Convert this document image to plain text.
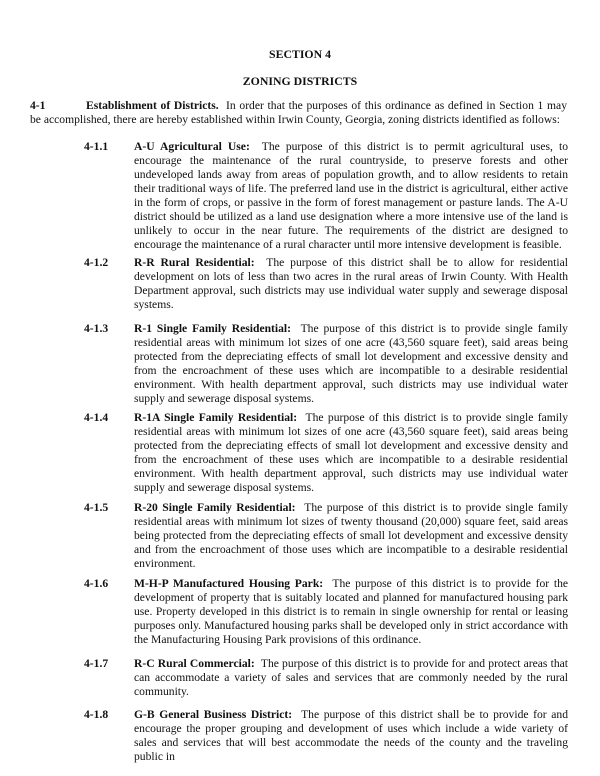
SECTION 4
ZONING DISTRICTS
4-1	Establishment of Districts. In order that the purposes of this ordinance as defined in Section 1 may be accomplished, there are hereby established within Irwin County, Georgia, zoning districts identified as follows:
4-1.1 A-U Agricultural Use: The purpose of this district is to permit agricultural uses, to encourage the maintenance of the rural countryside, to preserve forests and other undeveloped lands away from areas of population growth, and to allow residents to retain their traditional ways of life. The preferred land use in the district is agricultural, either active in the form of crops, or passive in the form of forest management or pasture lands. The A-U district should be utilized as a land use designation where a more intensive use of the land is unlikely to occur in the near future. The requirements of the district are designed to encourage the maintenance of a rural character until more intensive development is feasible.
4-1.2 R-R Rural Residential: The purpose of this district shall be to allow for residential development on lots of less than two acres in the rural areas of Irwin County. With Health Department approval, such districts may use individual water supply and sewerage disposal systems.
4-1.3 R-1 Single Family Residential: The purpose of this district is to provide single family residential areas with minimum lot sizes of one acre (43,560 square feet), said areas being protected from the depreciating effects of small lot development and excessive density and from the encroachment of these uses which are incompatible to a desirable residential environment. With health department approval, such districts may use individual water supply and sewerage disposal systems.
4-1.4 R-1A Single Family Residential: The purpose of this district is to provide single family residential areas with minimum lot sizes of one acre (43,560 square feet), said areas being protected from the depreciating effects of small lot development and excessive density and from the encroachment of these uses which are incompatible to a desirable residential environment. With health department approval, such districts may use individual water supply and sewerage disposal systems.
4-1.5 R-20 Single Family Residential: The purpose of this district is to provide single family residential areas with minimum lot sizes of twenty thousand (20,000) square feet, said areas being protected from the depreciating effects of small lot development and excessive density and from the encroachment of those uses which are incompatible to a desirable residential environment.
4-1.6 M-H-P Manufactured Housing Park: The purpose of this district is to provide for the development of property that is suitably located and planned for manufactured housing park use. Property developed in this district is to remain in single ownership for rental or leasing purposes only. Manufactured housing parks shall be developed only in strict accordance with the Manufacturing Housing Park provisions of this ordinance.
4-1.7 R-C Rural Commercial: The purpose of this district is to provide for and protect areas that can accommodate a variety of sales and services that are commonly needed by the rural community.
4-1.8 G-B General Business District: The purpose of this district shall be to provide for and encourage the proper grouping and development of uses which include a wide variety of sales and services that will best accommodate the needs of the county and the traveling public in
